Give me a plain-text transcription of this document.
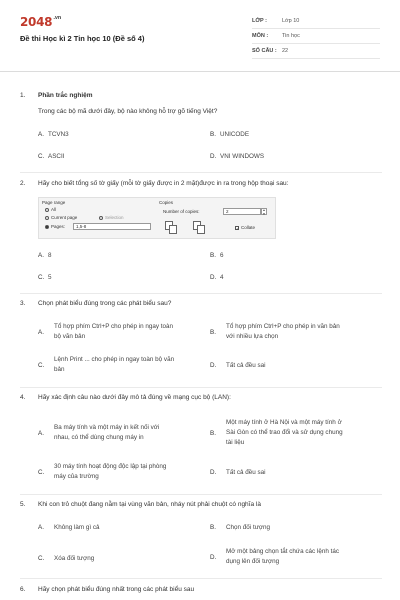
$2048^{.vn}$
Đề thi Học kì 2 Tin học 10 (Đề số 4)
LỚP :	Lớp 10
MÔN :	Tin học
SỐ CÂU : 22
1.	Phần trắc nghiệm
Trong các bộ mã dưới đây, bộ nào không hỗ trợ gõ tiếng Việt?
A. TCVN3	B. UNICODE
C. ASCII	D. VNI WINDOWS
2.	Hãy cho biết tổng số tờ giấy (mỗi tờ giấy được in 2 mặt)được in ra trong hộp thoại sau:
Page range
All
Current page	Selection
Pages:	1,5-8
Copies
Number of copies:	2	▲
▼
✓ Collate
A. 8	B. 6
C. 5	D. 4
3.	Chọn phát biểu đúng trong các phát biểu sau?
A.
Tổ hợp phím Ctrl+P cho phép in ngay toàn
bộ văn bản
B.
Tổ hợp phím Ctrl+P cho phép in văn bản
với nhiều lựa chọn
C.
Lệnh Print ... cho phép in ngay toàn bộ văn
bản
D.	Tất cả đều sai
4.	Hãy xác định câu nào dưới đây mô tả đúng về mạng cục bộ (LAN):
A.
Ba máy tính và một máy in kết nối với
nhau, có thể dùng chung máy in
B.
Một máy tính ở Hà Nội và một máy tính ở
Sài Gòn có thể trao đổi và sử dụng chung
tài liệu
C.
30 máy tính hoạt động độc lập tại phòng
máy của trường
D.	Tất cả đều sai
5.	Khi con trỏ chuột đang nằm tại vùng văn bản, nháy nút phải chuột có nghĩa là
A.	Không làm gì cả	B.	Chọn đối tượng
C.	Xóa đối tượng	D.
Mở một bảng chọn tắt chứa các lệnh tác
dụng lên đối tượng
6.	Hãy chọn phát biểu đúng nhất trong các phát biểu sau
